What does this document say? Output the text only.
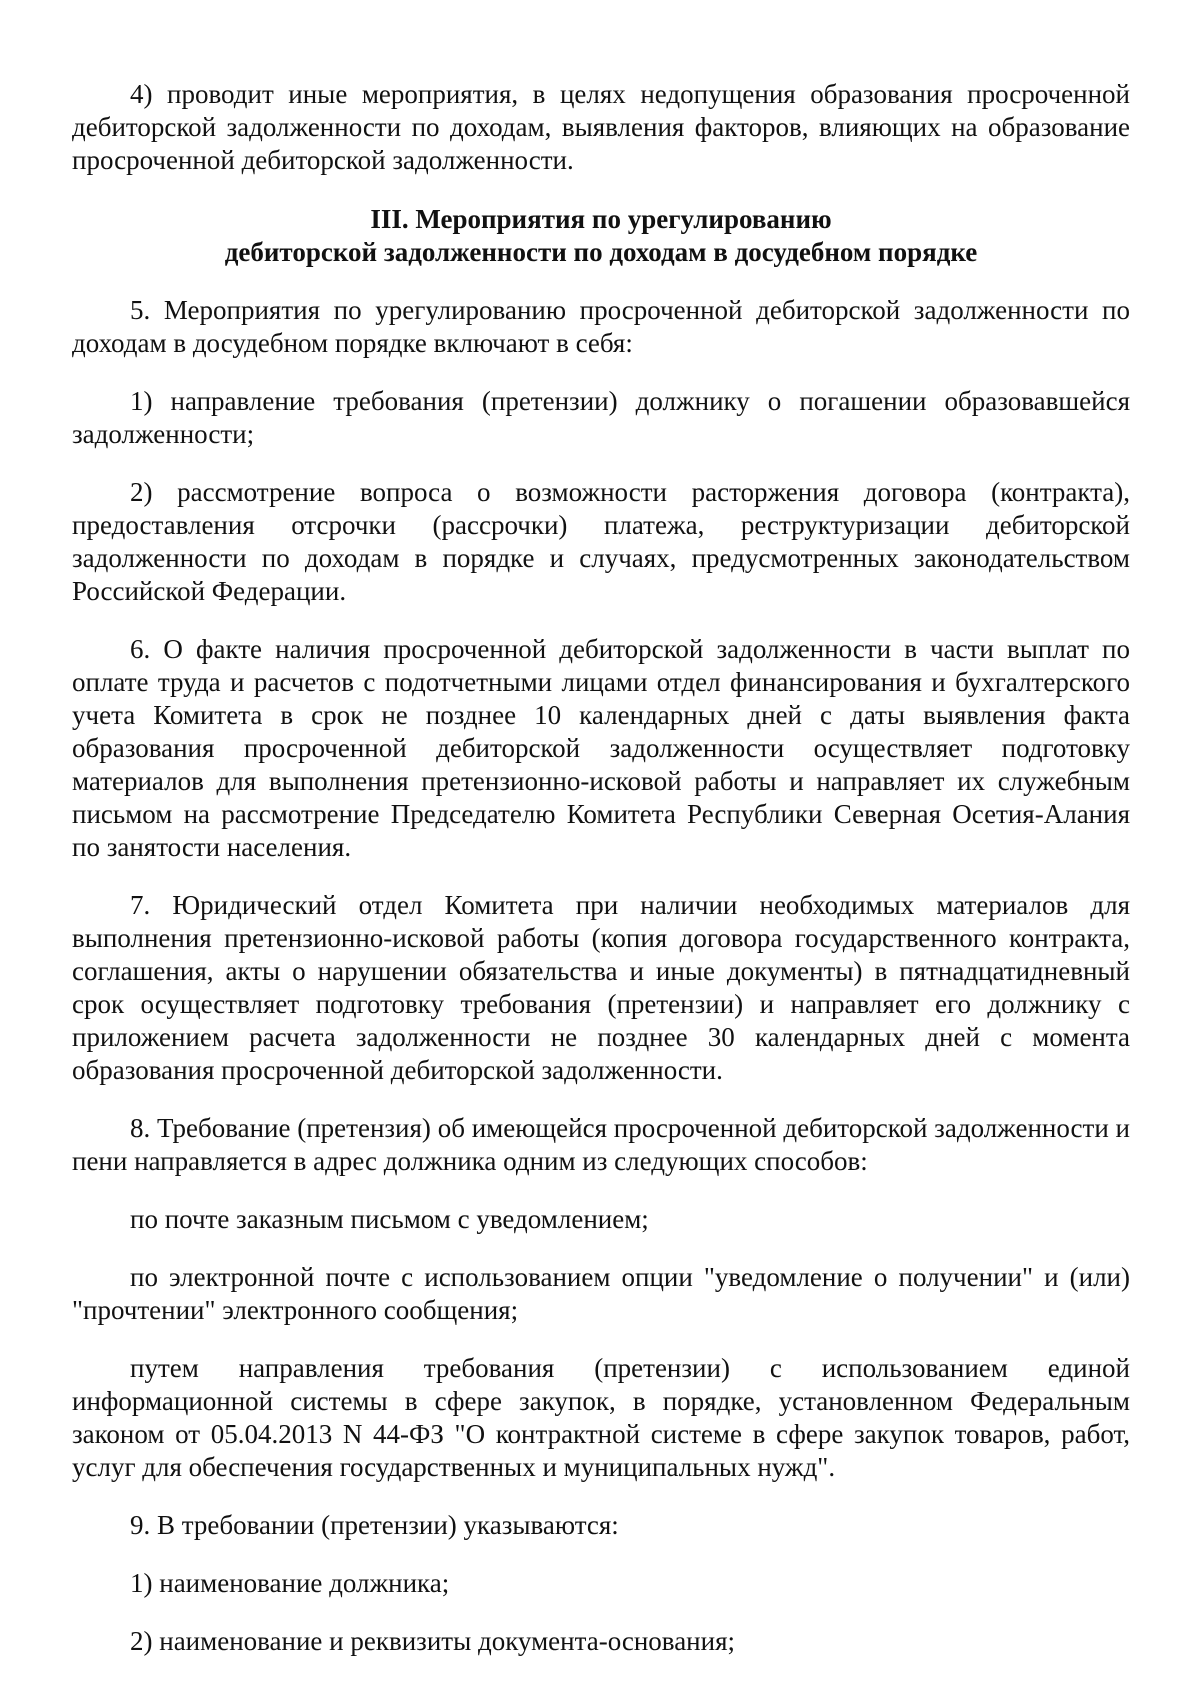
4) проводит иные мероприятия, в целях недопущения образования просроченной дебиторской задолженности по доходам, выявления факторов, влияющих на образование просроченной дебиторской задолженности.

III. Мероприятия по урегулированию
дебиторской задолженности по доходам в досудебном порядке

5. Мероприятия по урегулированию просроченной дебиторской задолженности по доходам в досудебном порядке включают в себя:

1) направление требования (претензии) должнику о погашении образовавшейся задолженности;

2) рассмотрение вопроса о возможности расторжения договора (контракта), предоставления отсрочки (рассрочки) платежа, реструктуризации дебиторской задолженности по доходам в порядке и случаях, предусмотренных законодательством Российской Федерации.

6. О факте наличия просроченной дебиторской задолженности в части выплат по оплате труда и расчетов с подотчетными лицами отдел финансирования и бухгалтерского учета Комитета в срок не позднее 10 календарных дней с даты выявления факта образования просроченной дебиторской задолженности осуществляет подготовку материалов для выполнения претензионно-исковой работы и направляет их служебным письмом на рассмотрение Председателю Комитета Республики Северная Осетия-Алания по занятости населения.

7. Юридический отдел Комитета при наличии необходимых материалов для выполнения претензионно-исковой работы (копия договора государственного контракта, соглашения, акты о нарушении обязательства и иные документы) в пятнадцатидневный срок осуществляет подготовку требования (претензии) и направляет его должнику с приложением расчета задолженности не позднее 30 календарных дней с момента образования просроченной дебиторской задолженности.

8. Требование (претензия) об имеющейся просроченной дебиторской задолженности и пени направляется в адрес должника одним из следующих способов:

по почте заказным письмом с уведомлением;

по электронной почте с использованием опции "уведомление о получении" и (или) "прочтении" электронного сообщения;

путем направления требования (претензии) с использованием единой информационной системы в сфере закупок, в порядке, установленном Федеральным законом от 05.04.2013 N 44-ФЗ "О контрактной системе в сфере закупок товаров, работ, услуг для обеспечения государственных и муниципальных нужд".

9. В требовании (претензии) указываются:

1) наименование должника;

2) наименование и реквизиты документа-основания;
